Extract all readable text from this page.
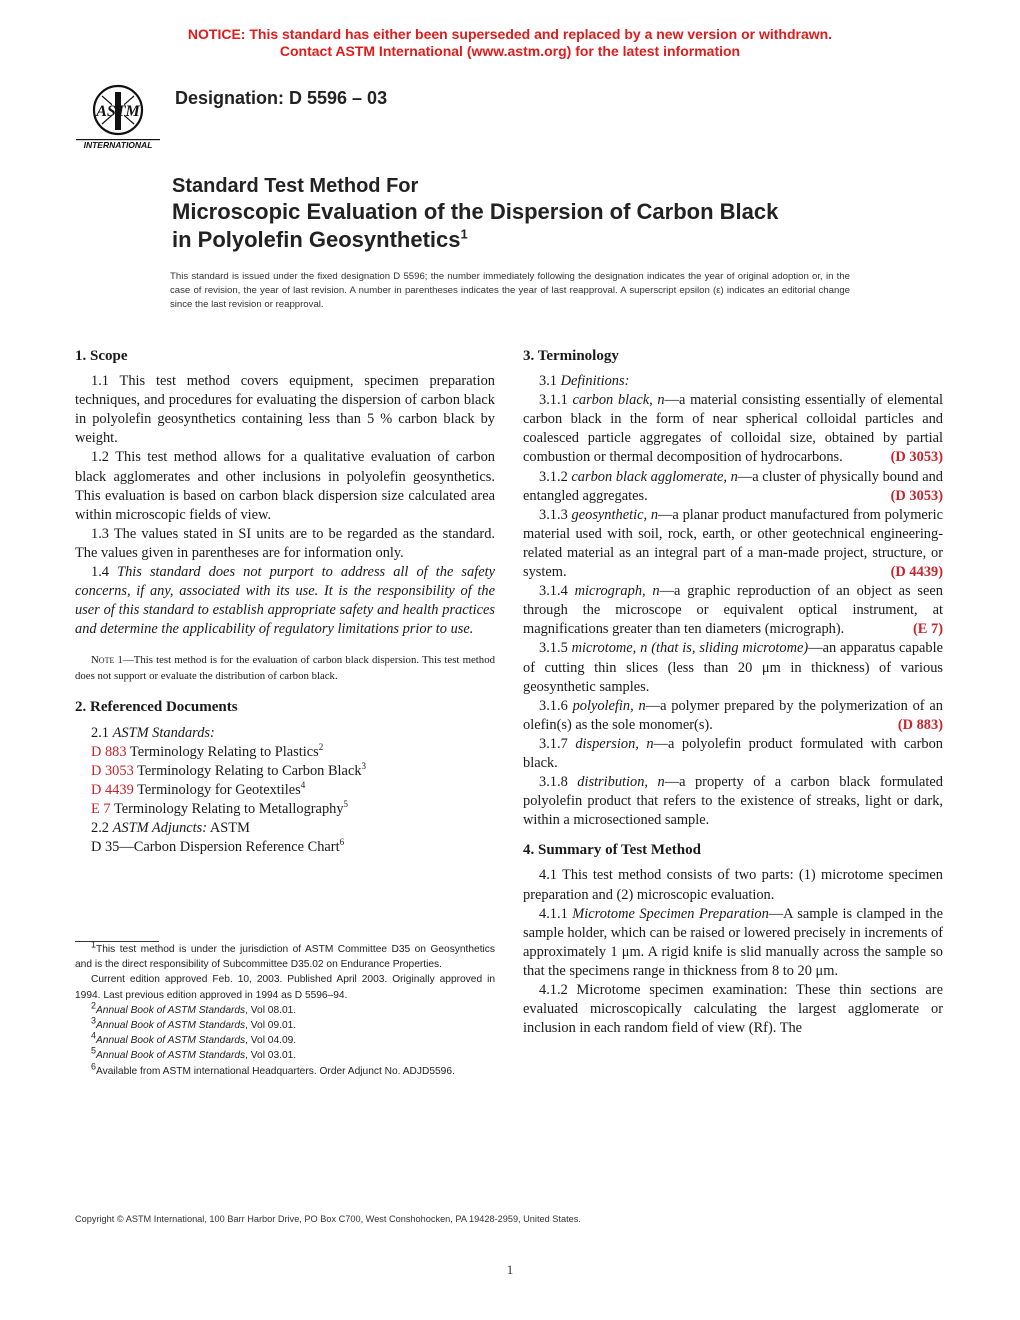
NOTICE: This standard has either been superseded and replaced by a new version or withdrawn.
Contact ASTM International (www.astm.org) for the latest information
ASTM
INTERNATIONAL
Designation: D 5596 – 03
Standard Test Method For
Microscopic Evaluation of the Dispersion of Carbon Black
in Polyolefin Geosynthetics$^1$
This standard is issued under the fixed designation D 5596; the number immediately following the designation indicates the year of original adoption or, in the case of revision, the year of last revision. A number in parentheses indicates the year of last reapproval. A superscript epsilon (ε) indicates an editorial change since the last revision or reapproval.
1. Scope

1.1 This test method covers equipment, specimen preparation techniques, and procedures for evaluating the dispersion of carbon black in polyolefin geosynthetics containing less than 5 % carbon black by weight.

1.2 This test method allows for a qualitative evaluation of carbon black agglomerates and other inclusions in polyolefin geosynthetics. This evaluation is based on carbon black dispersion size calculated area within microscopic fields of view.

1.3 The values stated in SI units are to be regarded as the standard. The values given in parentheses are for information only.

1.4 This standard does not purport to address all of the safety concerns, if any, associated with its use. It is the responsibility of the user of this standard to establish appropriate safety and health practices and determine the applicability of regulatory limitations prior to use.

Note 1—This test method is for the evaluation of carbon black dispersion. This test method does not support or evaluate the distribution of carbon black.
2. Referenced Documents

2.1 ASTM Standards:

D 883 Terminology Relating to Plastics$^2$

D 3053 Terminology Relating to Carbon Black$^3$

D 4439 Terminology for Geotextiles$^4$

E 7 Terminology Relating to Metallography$^5$

2.2 ASTM Adjuncts: ASTM

D 35—Carbon Dispersion Reference Chart$^6$

$^1$This test method is under the jurisdiction of ASTM Committee D35 on Geosynthetics and is the direct responsibility of Subcommittee D35.02 on Endurance Properties.

Current edition approved Feb. 10, 2003. Published April 2003. Originally approved in 1994. Last previous edition approved in 1994 as D 5596–94.

$^2$Annual Book of ASTM Standards, Vol 08.01.

$^3$Annual Book of ASTM Standards, Vol 09.01.

$^4$Annual Book of ASTM Standards, Vol 04.09.

$^5$Annual Book of ASTM Standards, Vol 03.01.

$^6$Available from ASTM international Headquarters. Order Adjunct No. ADJD5596.

3. Terminology

3.1 Definitions:

3.1.1 carbon black, n—a material consisting essentially of elemental carbon black in the form of near spherical colloidal particles and coalesced particle aggregates of colloidal size, obtained by partial combustion or thermal decomposition of hydrocarbons.	(D 3053)

3.1.2 carbon black agglomerate, n—a cluster of physically bound and entangled aggregates.	(D 3053)

3.1.3 geosynthetic, n—a planar product manufactured from polymeric material used with soil, rock, earth, or other geotechnical engineering-related material as an integral part of a man-made project, structure, or system.	(D 4439)

3.1.4 micrograph, n—a graphic reproduction of an object as seen through the microscope or equivalent optical instrument, at magnifications greater than ten diameters (micrograph).	(E 7)

3.1.5 microtome, n (that is, sliding microtome)—an apparatus capable of cutting thin slices (less than 20 μm in thickness) of various geosynthetic samples.

3.1.6 polyolefin, n—a polymer prepared by the polymerization of an olefin(s) as the sole monomer(s).	(D 883)

3.1.7 dispersion, n—a polyolefin product formulated with carbon black.

3.1.8 distribution, n—a property of a carbon black formulated polyolefin product that refers to the existence of streaks, light or dark, within a microsectioned sample.

4. Summary of Test Method

4.1 This test method consists of two parts: (1) microtome specimen preparation and (2) microscopic evaluation.

4.1.1 Microtome Specimen Preparation—A sample is clamped in the sample holder, which can be raised or lowered precisely in increments of approximately 1 μm. A rigid knife is slid manually across the sample so that the specimens range in thickness from 8 to 20 μm.

4.1.2 Microtome specimen examination: These thin sections are evaluated microscopically calculating the largest agglomerate or inclusion in each random field of view (Rf). The

Copyright © ASTM International, 100 Barr Harbor Drive, PO Box C700, West Conshohocken, PA 19428-2959, United States.
1
